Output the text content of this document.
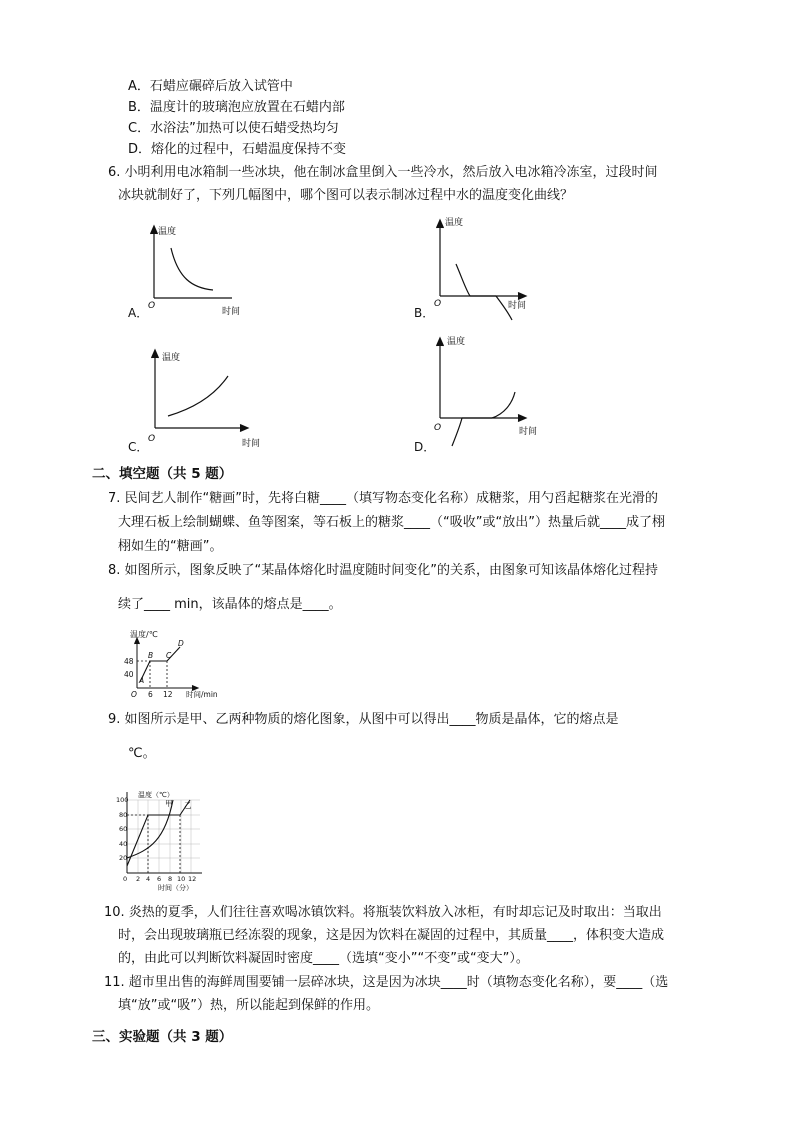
A．石蜡应碾碎后放入试管中
B．温度计的玻璃泡应放置在石蜡内部
C．水浴法”加热可以使石蜡受热均匀
D．熔化的过程中，石蜡温度保持不变
6. 小明利用电冰箱制一些冰块，他在制冰盒里倒入一些冷水，然后放入电冰箱冷冻室，过段时间
冰块就制好了，下列几幅图中，哪个图可以表示制冰过程中水的温度变化曲线？
温度
O
时间
A．
温度
O	时间
B．
温度
O	时间
C．
温度
O	时间
D．
二、填空题（共 5 题）
7. 民间艺人制作“糖画”时，先将白糖____（填写物态变化名称）成糖浆，用勺舀起糖浆在光滑的
大理石板上绘制蝴蝶、鱼等图案，等石板上的糖浆____（“吸收”或“放出”）热量后就____成了栩
栩如生的“糖画”。
8. 如图所示，图象反映了“某晶体熔化时温度随时间变化”的关系，由图象可知该晶体熔化过程持
续了____ min，该晶体的熔点是____。
温度/℃
48
40
O 6 12 时间/min
A
B C
D
9. 如图所示是甲、乙两种物质的熔化图象，从图中可以得出____物质是晶体，它的熔点是
℃。
温度（℃）
100
80
60
40
20
0 2 4 6 8 10 12
时间（分）
甲 乙
10. 炎热的夏季，人们往往喜欢喝冰镇饮料。将瓶装饮料放入冰柜，有时却忘记及时取出：当取出
时，会出现玻璃瓶已经冻裂的现象，这是因为饮料在凝固的过程中，其质量____，体积变大造成
的，由此可以判断饮料凝固时密度____（选填“变小”“不变”或“变大”）。
11. 超市里出售的海鲜周围要铺一层碎冰块，这是因为冰块____时（填物态变化名称），要____（选
填“放”或“吸”）热，所以能起到保鲜的作用。
三、实验题（共 3 题）
